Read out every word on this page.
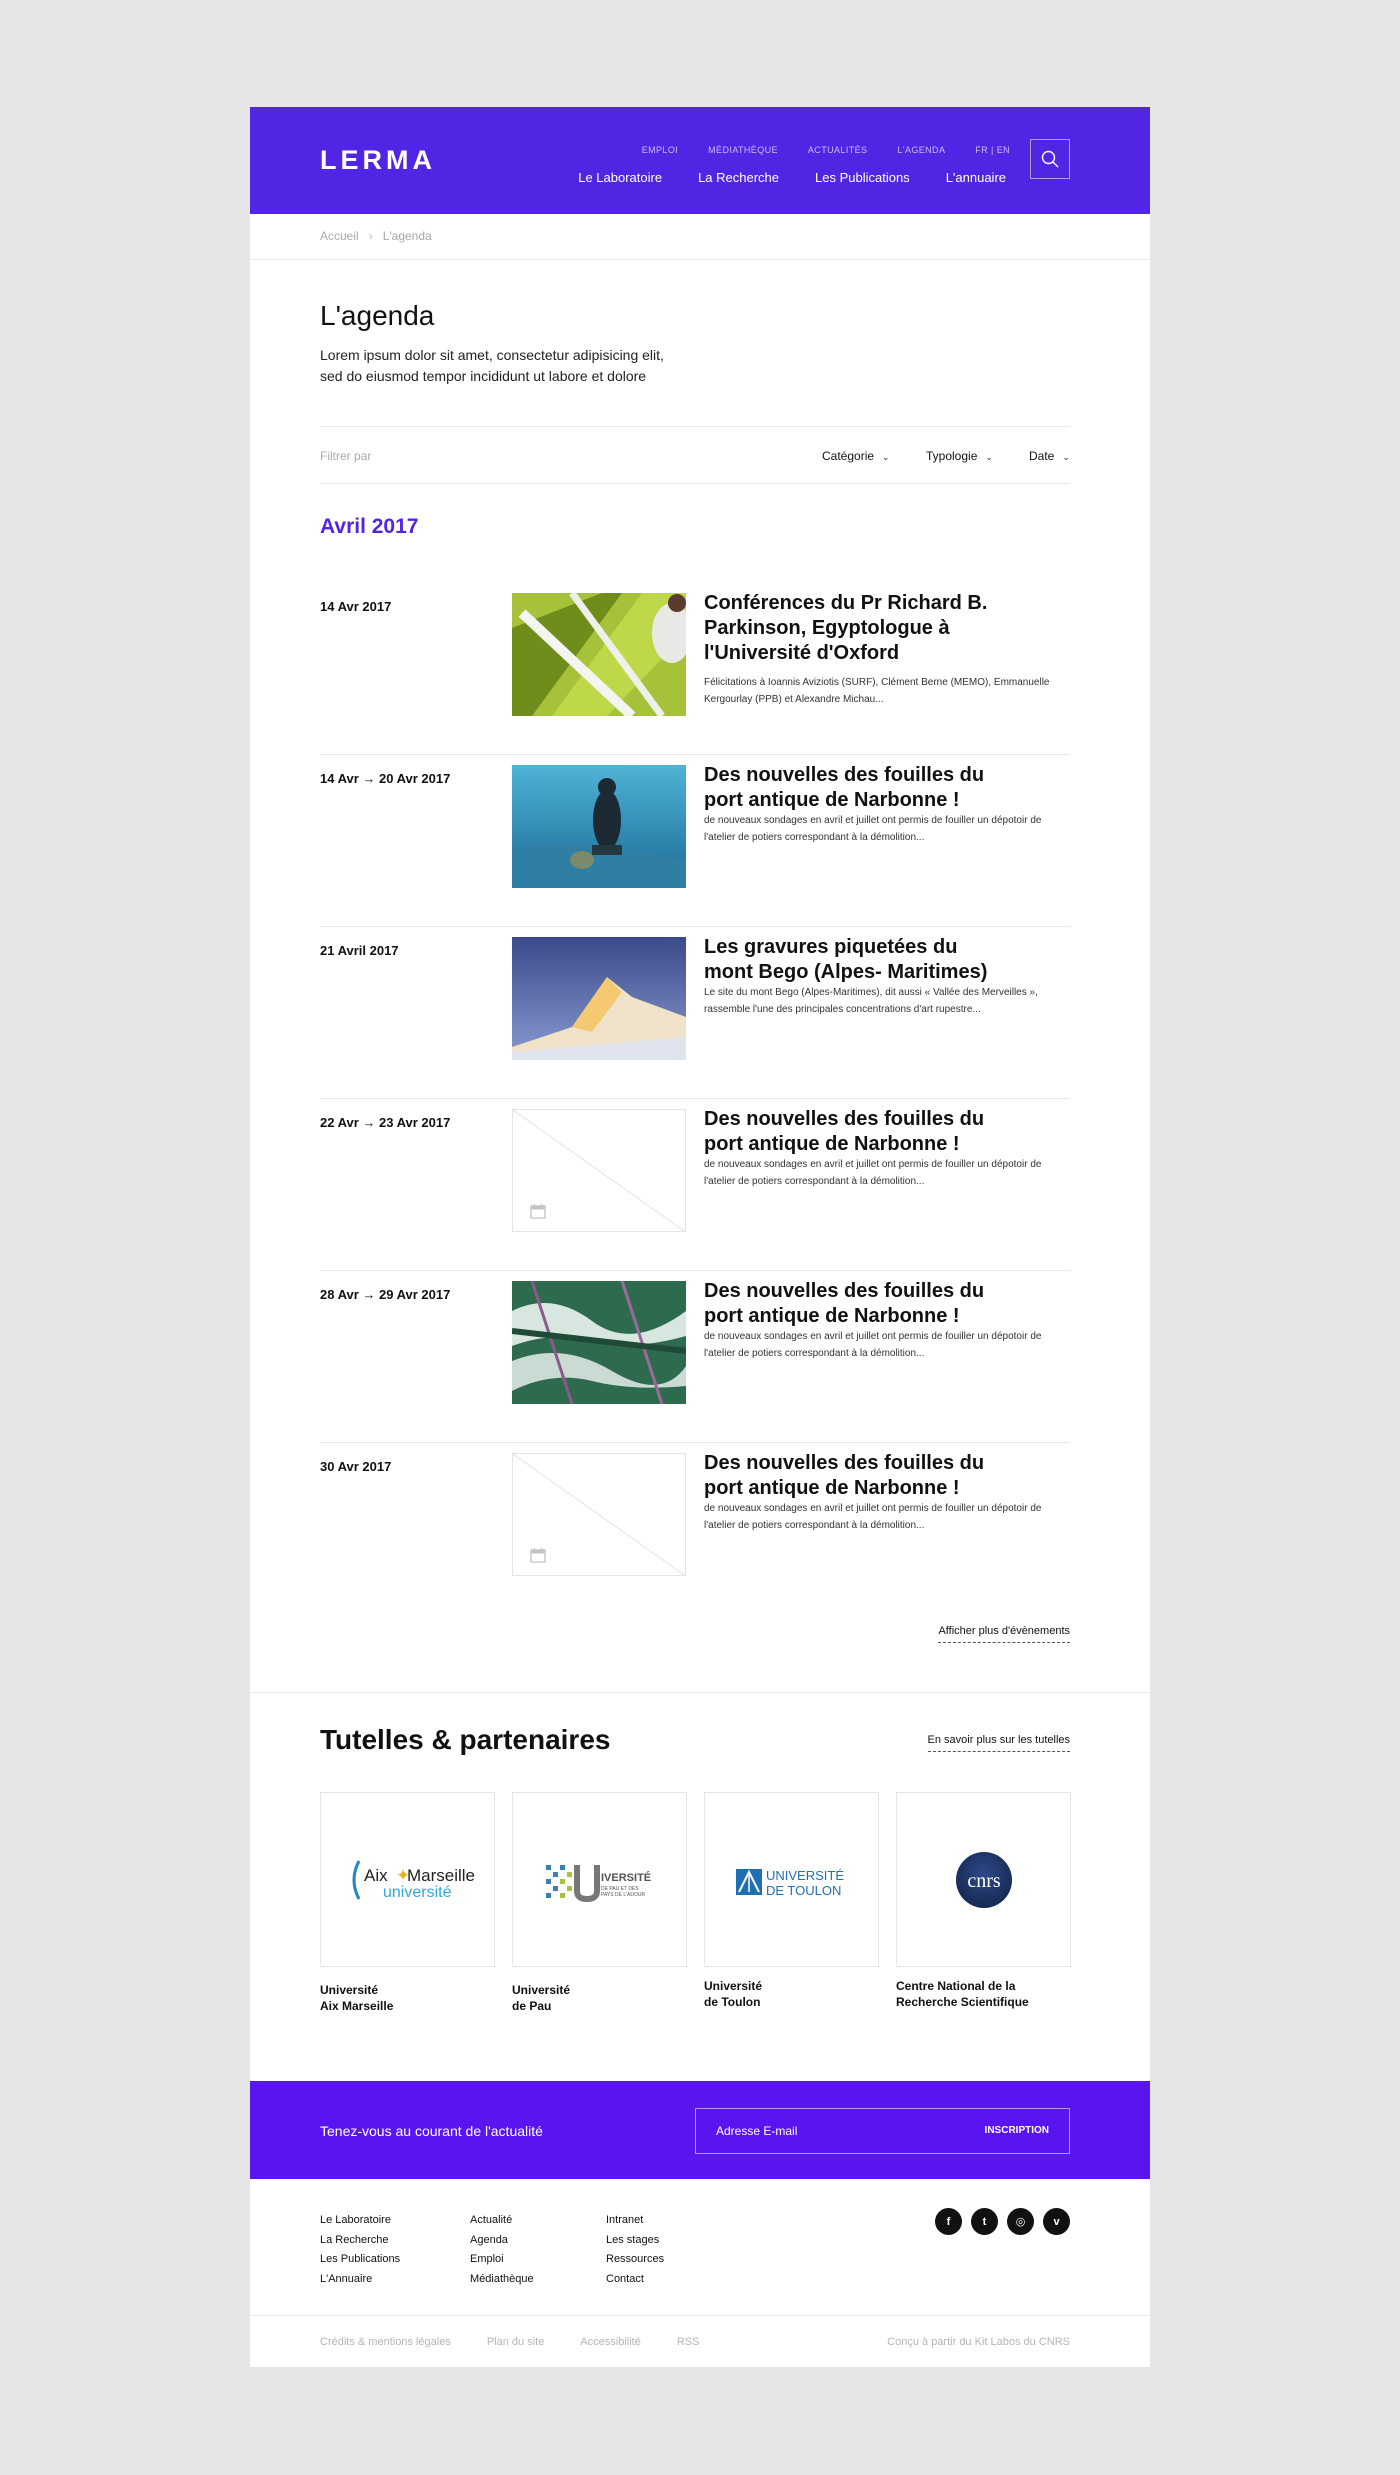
LERMA	EMPLOI	MÉDIATHÈQUE	ACTUALITÉS	L'AGENDA	FR | EN
Le Laboratoire	La Recherche	Les Publications	L'annuaire
Accueil › L'agenda
L'agenda
Lorem ipsum dolor sit amet, consectetur adipisicing elit,
sed do eiusmod tempor incididunt ut labore et dolore
Filtrer par	Catégorie ⌄	Typologie ⌄	Date ⌄
Avril 2017
14 Avr 2017	Conférences du Pr Richard B. Parkinson, Egyptologue à l'Université d'Oxford
Félicitations à Ioannis Aviziotis (SURF), Clément Berne (MEMO), Emmanuelle Kergourlay (PPB) et Alexandre Michau...
14 Avr → 20 Avr 2017	Des nouvelles des fouilles du port antique de Narbonne !
de nouveaux sondages en avril et juillet ont permis de fouiller un dépotoir de l'atelier de potiers correspondant à la démolition...
21 Avril 2017	Les gravures piquetées du mont Bego (Alpes- Maritimes)
Le site du mont Bego (Alpes-Maritimes), dit aussi « Vallée des Merveilles », rassemble l'une des principales concentrations d'art rupestre...
22 Avr → 23 Avr 2017	Des nouvelles des fouilles du port antique de Narbonne !
de nouveaux sondages en avril et juillet ont permis de fouiller un dépotoir de l'atelier de potiers correspondant à la démolition...
28 Avr → 29 Avr 2017	Des nouvelles des fouilles du port antique de Narbonne !
de nouveaux sondages en avril et juillet ont permis de fouiller un dépotoir de l'atelier de potiers correspondant à la démolition...
30 Avr 2017	Des nouvelles des fouilles du port antique de Narbonne !
de nouveaux sondages en avril et juillet ont permis de fouiller un dépotoir de l'atelier de potiers correspondant à la démolition...
Afficher plus d'évènements
Tutelles & partenaires	En savoir plus sur les tutelles
Aix ✦
Marseille
université
IVERSITÉ
DE PAU ET DES
PAYS DE L'ADOUR
UNIVERSITÉ
DE TOULON	cnrs
Université
Aix Marseille
Université
de Pau
Université
de Toulon
Centre National de la
Recherche Scientifique
Tenez-vous au courant de l'actualité	Adresse E-mail	INSCRIPTION
Le Laboratoire
La Recherche
Les Publications
L'Annuaire
Actualité
Agenda
Emploi
Médiathèque
Intranet
Les stages
Ressources
Contact
f	t	◎	v
Crédits & mentions légales	Plan du site	Accessibilité	RSS	Conçu à partir du Kit Labos du CNRS
